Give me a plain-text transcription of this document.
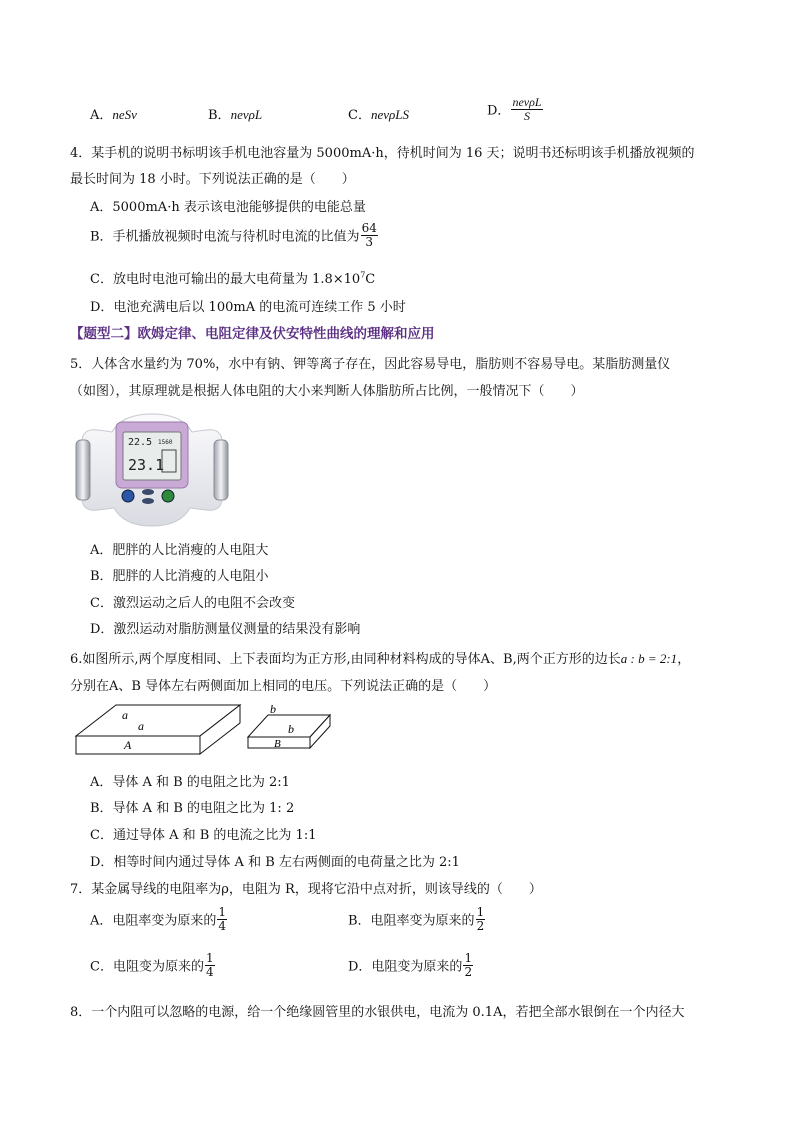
A．neSv	B．nevρL	C．nevρLS	D． $\frac{\text{nevρL}}{S}$
4．某手机的说明书标明该手机电池容量为 5000mA·h，待机时间为 16 天；说明书还标明该手机播放视频的
最长时间为 18 小时。下列说法正确的是（　　）
A．5000mA·h 表示该电池能够提供的电能总量
B．手机播放视频时电流与待机时电流的比值为 $\frac{64}{3}$
C．放电时电池可输出的最大电荷量为 $1.8\times 10^7C$
D．电池充满电后以 100mA 的电流可连续工作 5 小时
【题型二】欧姆定律、电阻定律及伏安特性曲线的理解和应用
5．人体含水量约为 70%，水中有钠、钾等离子存在，因此容易导电，脂肪则不容易导电。某脂肪测量仪
（如图），其原理就是根据人体电阻的大小来判断人体脂肪所占比例，一般情况下（　　）
22.5 1560
23.1
A．肥胖的人比消瘦的人电阻大
B．肥胖的人比消瘦的人电阻小
C．激烈运动之后人的电阻不会改变
D．激烈运动对脂肪测量仪测量的结果没有影响
6.如图所示,两个厚度相同、上下表面均为正方形,由同种材料构成的导体A、B,两个正方形的边长a : b = 2:1，
分别在A、B 导体左右两侧面加上相同的电压。下列说法正确的是（　　）
a
a
A
b
b
B
A．导体 A 和 B 的电阻之比为 2:1
B．导体 A 和 B 的电阻之比为 1: 2
C．通过导体 A 和 B 的电流之比为 1:1
D．相等时间内通过导体 A 和 B 左右两侧面的电荷量之比为 2:1
7．某金属导线的电阻率为ρ，电阻为 R，现将它沿中点对折，则该导线的（　　）
A．电阻率变为原来的 $\frac{1}{4}$	B．电阻率变为原来的 $\frac{1}{2}$
C．电阻变为原来的 $\frac{1}{4}$	D．电阻变为原来的 $\frac{1}{2}$
8．一个内阻可以忽略的电源，给一个绝缘圆管里的水银供电，电流为 0.1A，若把全部水银倒在一个内径大
